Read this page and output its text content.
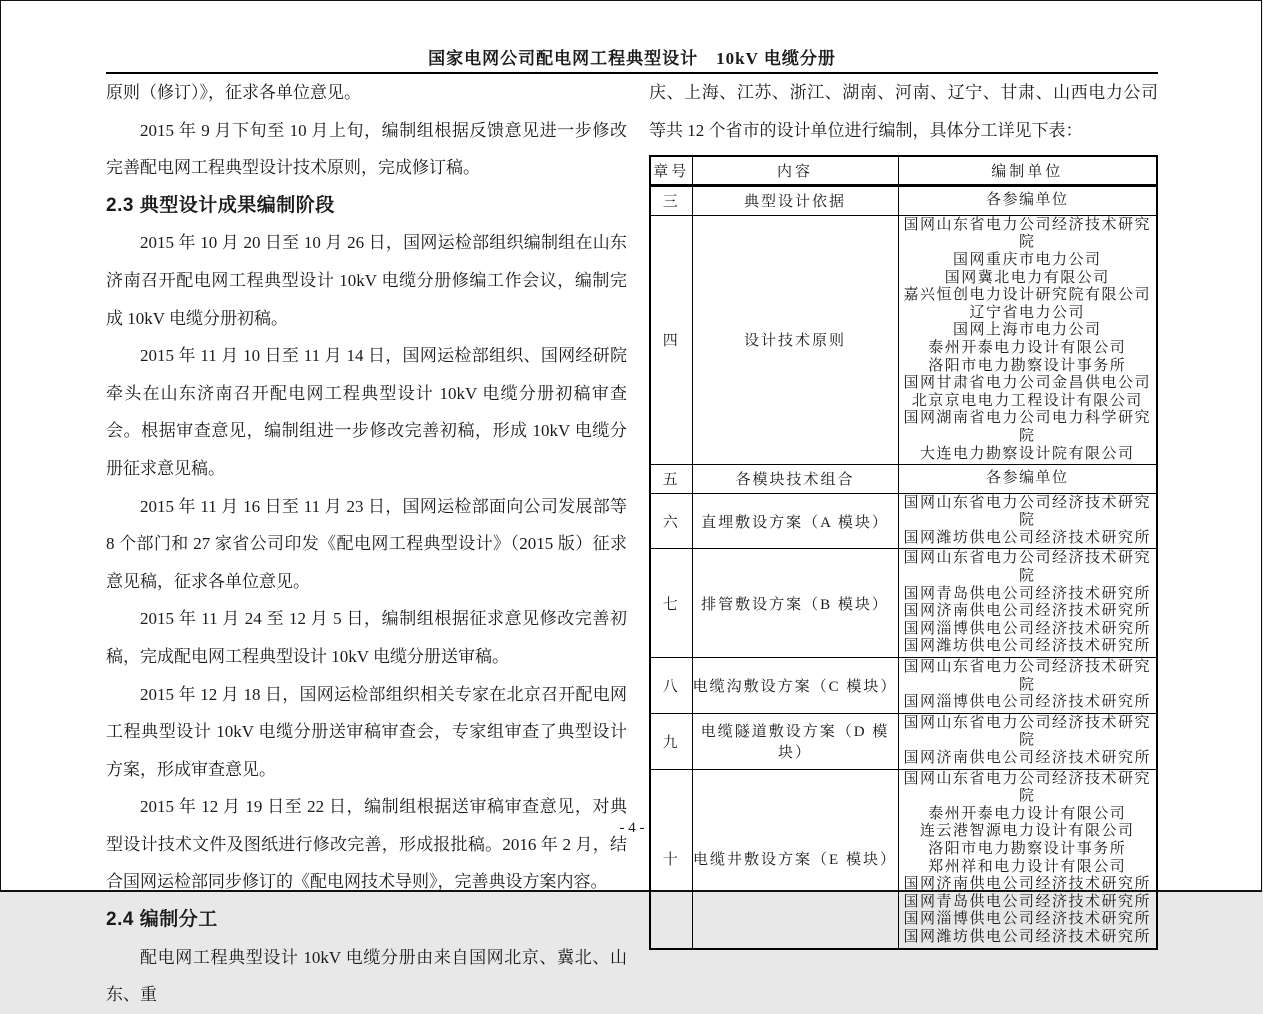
国家电网公司配电网工程典型设计　10kV 电缆分册

原则（修订）》，征求各单位意见。

2015 年 9 月下旬至 10 月上旬，编制组根据反馈意见进一步修改完善配电网工程典型设计技术原则，完成修订稿。

2.3 典型设计成果编制阶段

2015 年 10 月 20 日至 10 月 26 日，国网运检部组织编制组在山东济南召开配电网工程典型设计 10kV 电缆分册修编工作会议，编制完成 10kV 电缆分册初稿。

2015 年 11 月 10 日至 11 月 14 日，国网运检部组织、国网经研院牵头在山东济南召开配电网工程典型设计 10kV 电缆分册初稿审查会。根据审查意见，编制组进一步修改完善初稿，形成 10kV 电缆分册征求意见稿。

2015 年 11 月 16 日至 11 月 23 日，国网运检部面向公司发展部等 8 个部门和 27 家省公司印发《配电网工程典型设计》（2015 版）征求意见稿，征求各单位意见。

2015 年 11 月 24 至 12 月 5 日，编制组根据征求意见修改完善初稿，完成配电网工程典型设计 10kV 电缆分册送审稿。

2015 年 12 月 18 日，国网运检部组织相关专家在北京召开配电网工程典型设计 10kV 电缆分册送审稿审查会，专家组审查了典型设计方案，形成审查意见。

2015 年 12 月 19 日至 22 日，编制组根据送审稿审查意见，对典型设计技术文件及图纸进行修改完善，形成报批稿。2016 年 2 月，结合国网运检部同步修订的《配电网技术导则》，完善典设方案内容。

2.4 编制分工

配电网工程典型设计 10kV 电缆分册由来自国网北京、冀北、山东、重

庆、上海、江苏、浙江、湖南、河南、辽宁、甘肃、山西电力公司等共 12 个省市的设计单位进行编制，具体分工详见下表：

章号	内容	编制单位
三	典型设计依据	各参编单位

四	设计技术原则	
国网山东省电力公司经济技术研究院
国网重庆市电力公司
国网冀北电力有限公司
嘉兴恒创电力设计研究院有限公司
辽宁省电力公司
国网上海市电力公司
泰州开泰电力设计有限公司
洛阳市电力勘察设计事务所
国网甘肃省电力公司金昌供电公司
北京京电电力工程设计有限公司
国网湖南省电力公司电力科学研究院
大连电力勘察设计院有限公司

五	各模块技术组合	各参编单位

六	直埋敷设方案（A 模块）	国网山东省电力公司经济技术研究院
国网潍坊供电公司经济技术研究所

七	排管敷设方案（B 模块）	国网山东省电力公司经济技术研究院
国网青岛供电公司经济技术研究所
国网济南供电公司经济技术研究所
国网淄博供电公司经济技术研究所
国网潍坊供电公司经济技术研究所

八	电缆沟敷设方案（C 模块）	国网山东省电力公司经济技术研究院
国网淄博供电公司经济技术研究所

九	电缆隧道敷设方案（D 模块）	国网山东省电力公司经济技术研究院
国网济南供电公司经济技术研究所

十	电缆井敷设方案（E 模块）	
国网山东省电力公司经济技术研究院
泰州开泰电力设计有限公司
连云港智源电力设计有限公司
洛阳市电力勘察设计事务所
郑州祥和电力设计有限公司
国网济南供电公司经济技术研究所
国网青岛供电公司经济技术研究所
国网淄博供电公司经济技术研究所
国网潍坊供电公司经济技术研究所
- 4 -
